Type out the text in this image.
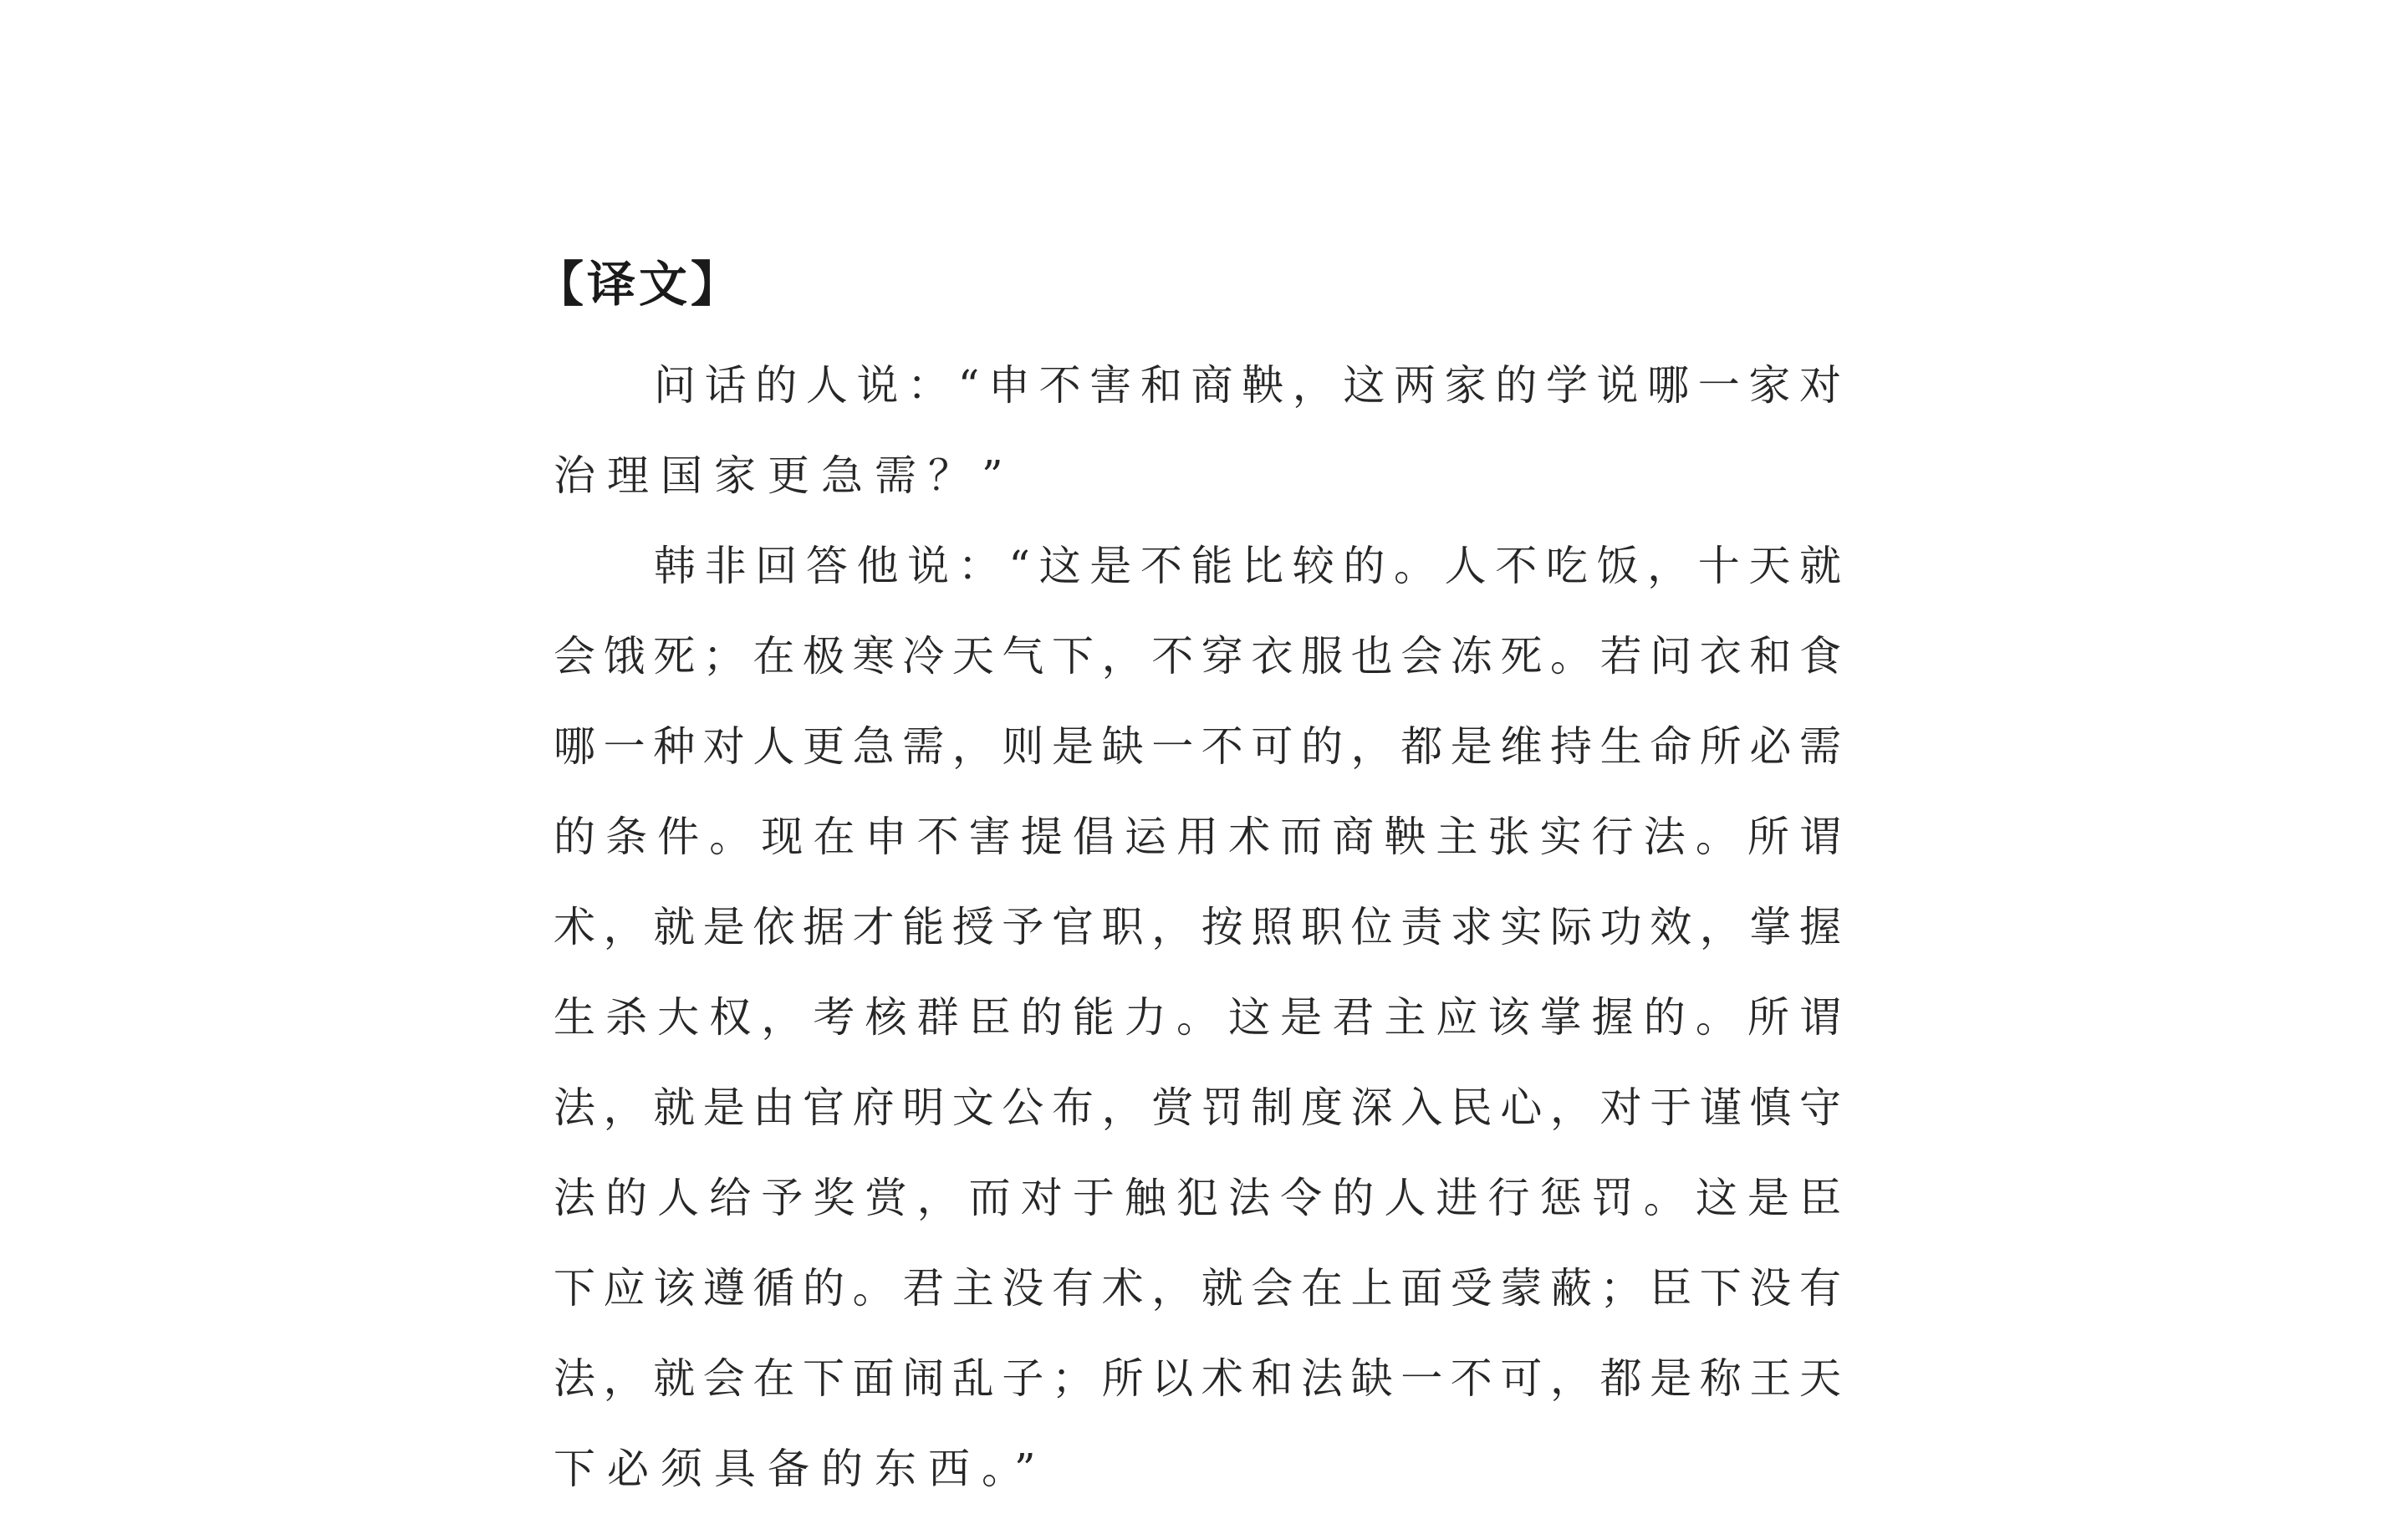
【译文】
问话的人说：“申不害和商鞅，这两家的学说哪一家对
治理国家更急需？”
韩非回答他说：“这是不能比较的。人不吃饭，十天就
会饿死；在极寒冷天气下，不穿衣服也会冻死。若问衣和食
哪一种对人更急需，则是缺一不可的，都是维持生命所必需
的条件。现在申不害提倡运用术而商鞅主张实行法。所谓
术，就是依据才能授予官职，按照职位责求实际功效，掌握
生杀大权，考核群臣的能力。这是君主应该掌握的。所谓
法，就是由官府明文公布，赏罚制度深入民心，对于谨慎守
法的人给予奖赏，而对于触犯法令的人进行惩罚。这是臣
下应该遵循的。君主没有术，就会在上面受蒙蔽；臣下没有
法，就会在下面闹乱子；所以术和法缺一不可，都是称王天
下必须具备的东西。”
